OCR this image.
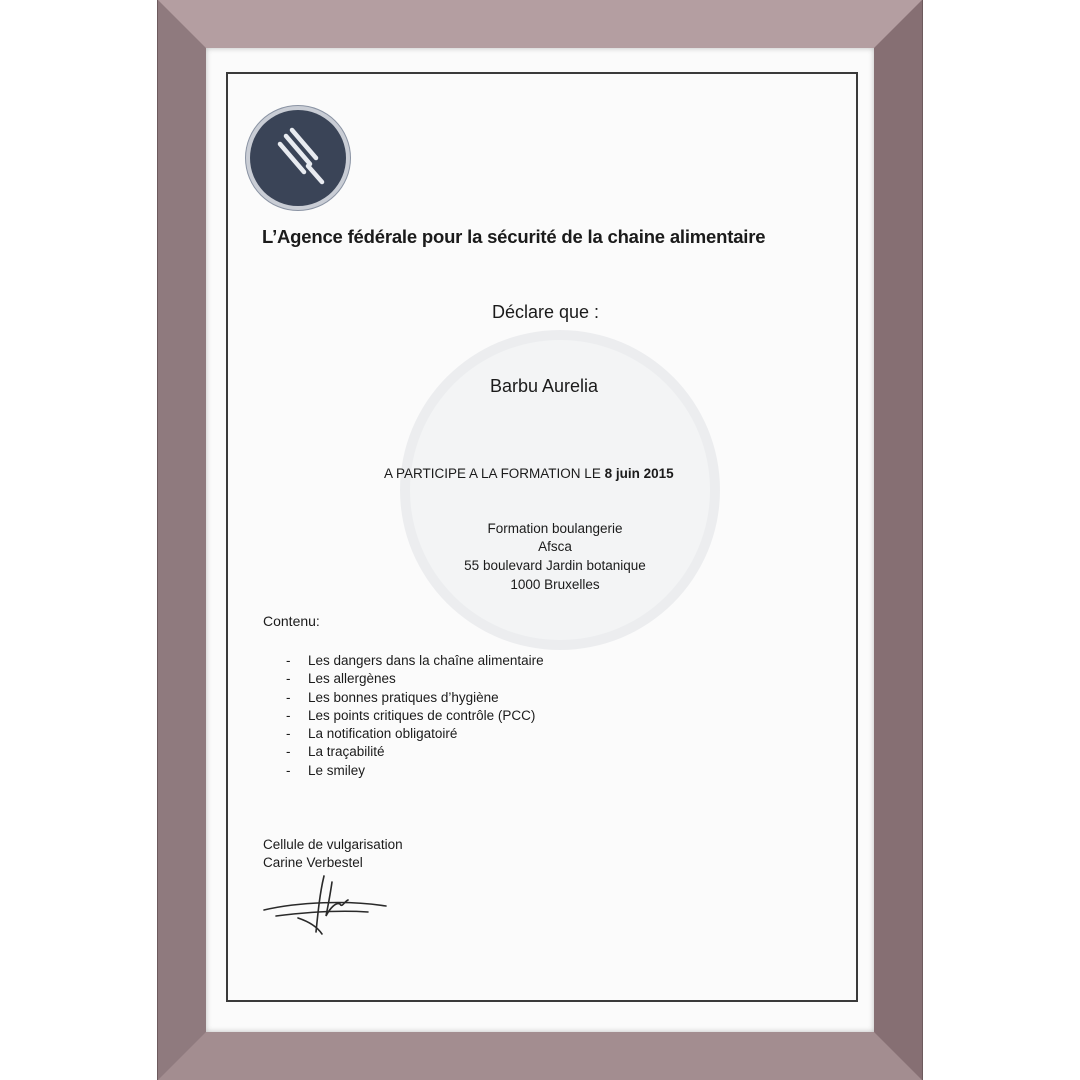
L’Agence fédérale pour la sécurité de la chaine alimentaire
Déclare que :
Barbu Aurelia
A PARTICIPE A LA FORMATION LE 8 juin 2015
Formation boulangerie
Afsca
55 boulevard Jardin botanique
1000 Bruxelles
Contenu:
- Les dangers dans la chaîne alimentaire
- Les allergènes
- Les bonnes pratiques d’hygiène
- Les points critiques de contrôle (PCC)
- La notification obligatoiré
- La traçabilité
- Le smiley
Cellule de vulgarisation
Carine Verbestel
